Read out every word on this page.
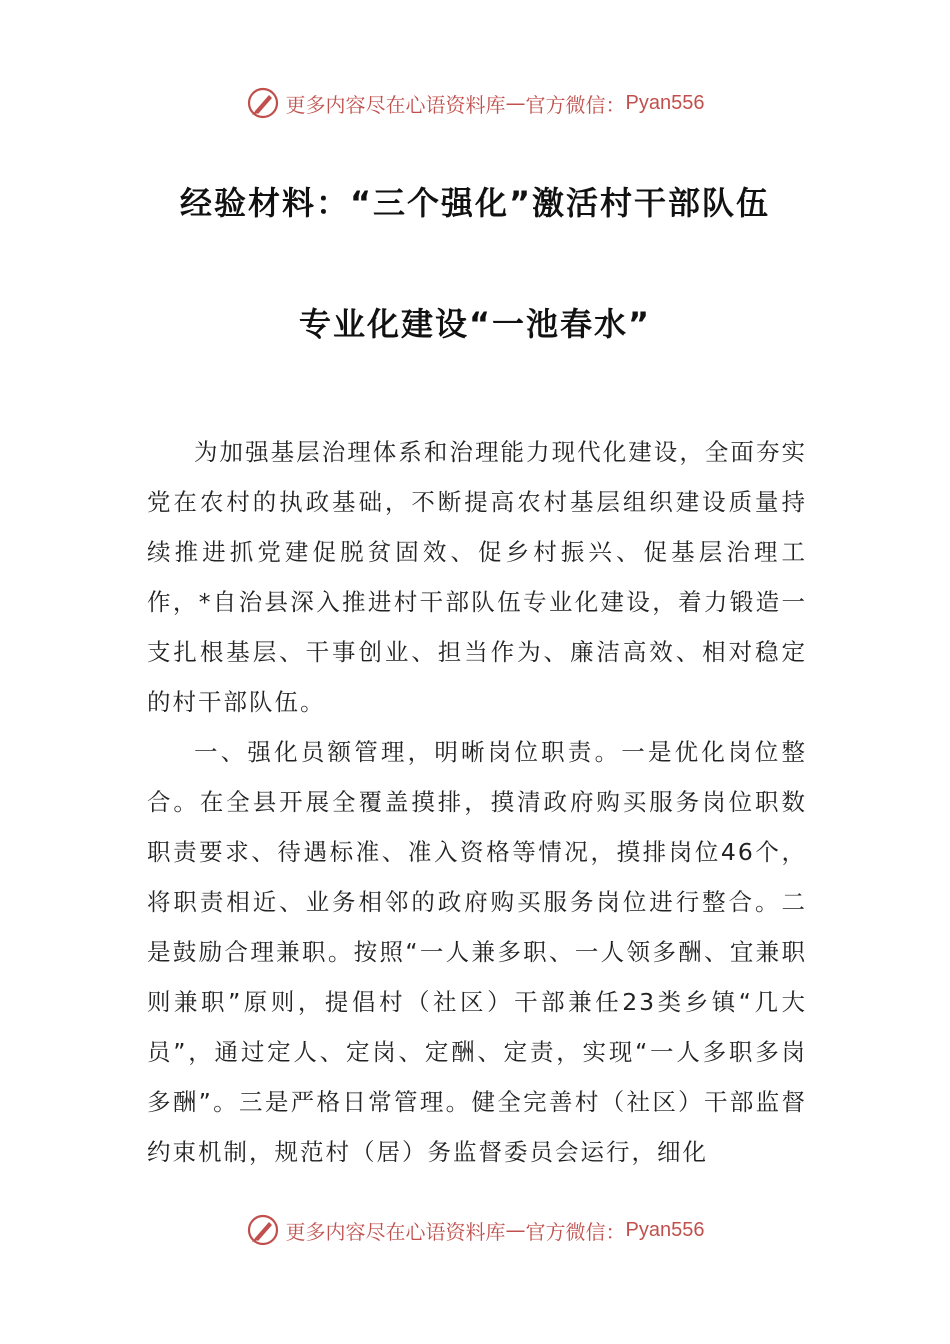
更多内容尽在心语资料库 — 官方微信： Pyan556
经验材料：“三个强化”激活村干部队伍
专业化建设“一池春水”

为加强基层治理体系和治理能力现代化建设，全面夯实党在农村的执政基础，不断提高农村基层组织建设质量持续推进抓党建促脱贫固效、促乡村振兴、促基层治理工作，*自治县深入推进村干部队伍专业化建设，着力锻造一支扎根基层、干事创业、担当作为、廉洁高效、相对稳定的村干部队伍。

一、强化员额管理，明晰岗位职责。一是优化岗位整合。在全县开展全覆盖摸排，摸清政府购买服务岗位职数职责要求、待遇标准、准入资格等情况，摸排岗位46个，将职责相近、业务相邻的政府购买服务岗位进行整合。二是鼓励合理兼职。按照“一人兼多职、一人领多酬、宜兼职则兼职”原则，提倡村（社区）干部兼任23类乡镇“几大员”，通过定人、定岗、定酬、定责，实现“一人多职多岗多酬”。三是严格日常管理。健全完善村（社区）干部监督约束机制，规范村（居）务监督委员会运行，细化

更多内容尽在心语资料库 — 官方微信： Pyan556
